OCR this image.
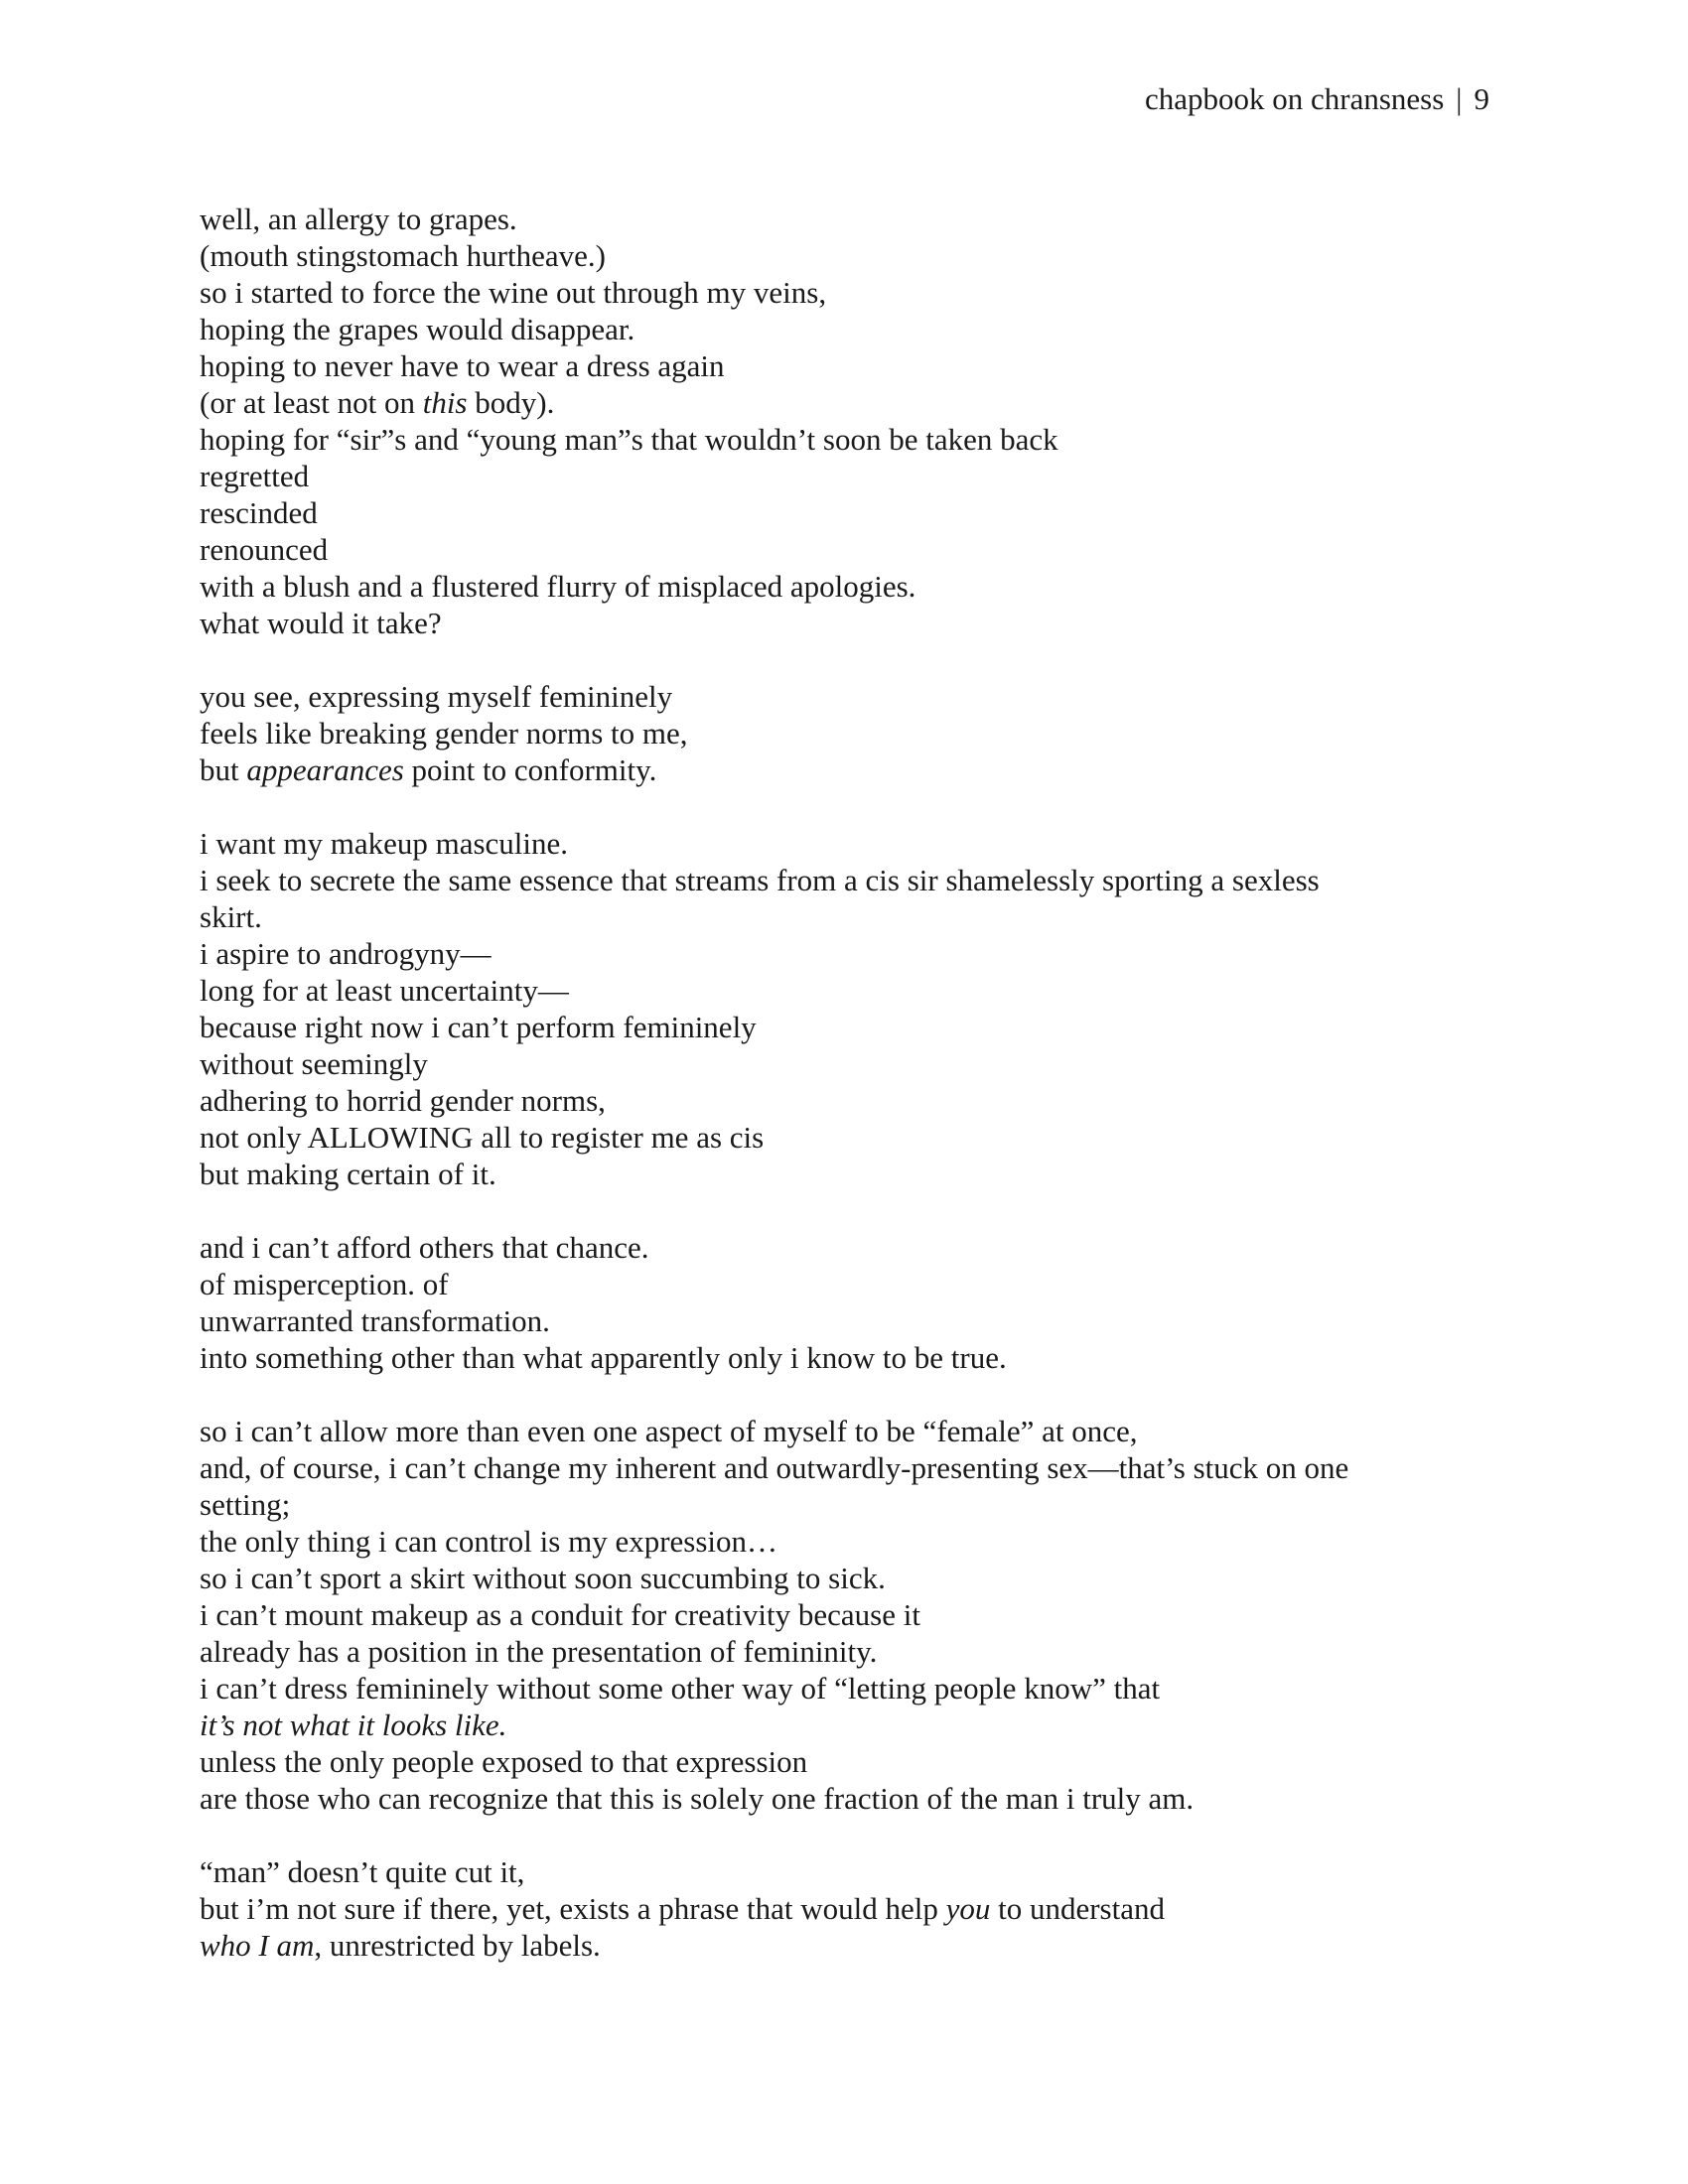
chapbook on chransness | 9
well, an allergy to grapes.
(mouth stingstomach hurtheave.)
so i started to force the wine out through my veins,
hoping the grapes would disappear.
hoping to never have to wear a dress again
(or at least not on this body).
hoping for “sir”s and “young man”s that wouldn’t soon be taken back
regretted
rescinded
renounced
with a blush and a flustered flurry of misplaced apologies.
what would it take?
you see, expressing myself femininely
feels like breaking gender norms to me,
but appearances point to conformity.
i want my makeup masculine.
i seek to secrete the same essence that streams from a cis sir shamelessly sporting a sexless
skirt.
i aspire to androgyny—
long for at least uncertainty—
because right now i can’t perform femininely
without seemingly
adhering to horrid gender norms,
not only ALLOWING all to register me as cis
but making certain of it.
and i can’t afford others that chance.
of misperception. of
unwarranted transformation.
into something other than what apparently only i know to be true.
so i can’t allow more than even one aspect of myself to be “female” at once,
and, of course, i can’t change my inherent and outwardly-presenting sex—that’s stuck on one
setting;
the only thing i can control is my expression…
so i can’t sport a skirt without soon succumbing to sick.
i can’t mount makeup as a conduit for creativity because it
already has a position in the presentation of femininity.
i can’t dress femininely without some other way of “letting people know” that
it’s not what it looks like.
unless the only people exposed to that expression
are those who can recognize that this is solely one fraction of the man i truly am.
“man” doesn’t quite cut it,
but i’m not sure if there, yet, exists a phrase that would help you to understand
who I am, unrestricted by labels.
